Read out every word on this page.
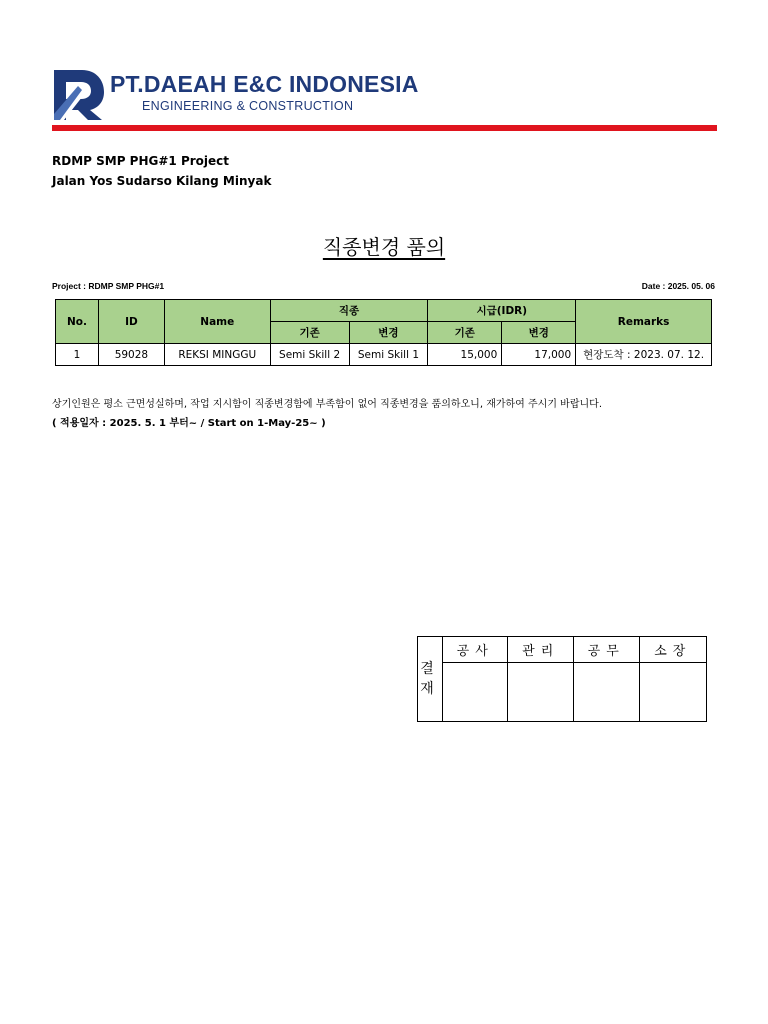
PT.DAEAH E&C INDONESIA
ENGINEERING & CONSTRUCTION
RDMP SMP PHG#1 Project
Jalan Yos Sudarso Kilang Minyak
직종변경 품의
Project : RDMP SMP PHG#1	Date : 2025. 05. 06
No.	ID	Name	직종		시급(IDR)		Remarks
			기존	변경	기존	변경	
1	59028	REKSI MINGGU	Semi Skill 2	Semi Skill 1	15,000	17,000	현장도착 : 2023. 07. 12.
상기인원은 평소 근면성실하며, 작업 지시함이 직종변경함에 부족함이 없어 직종변경을 품의하오니, 재가하여 주시기 바랍니다.
( 적용일자 : 2025. 5. 1 부터~ / Start on 1-May-25~ )
결
재	공사	관리	공무	소장
